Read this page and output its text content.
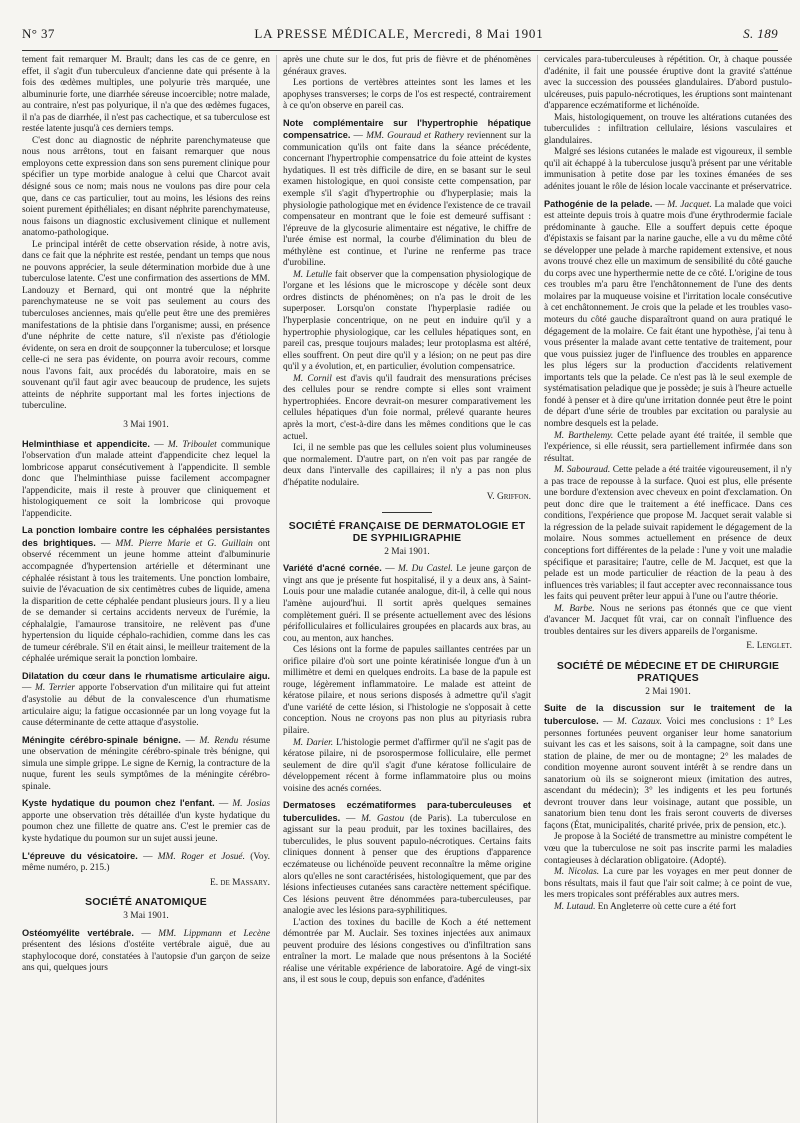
N° 37	LA PRESSE MÉDICALE, Mercredi, 8 Mai 1901	S. 189

tement fait remarquer M. Brault; dans les cas de ce genre, en effet, il s'agit d'un tuberculeux d'ancienne date qui présente à la fois des œdèmes multiples, une polyurie très marquée, une albuminurie forte, une diarrhée séreuse incoercible; notre malade, au contraire, n'est pas polyurique, il n'a que des œdèmes fugaces, il n'a pas de diarrhée, il n'est pas cachectique, et sa tuberculose est restée latente jusqu'à ces derniers temps.

C'est donc au diagnostic de néphrite parenchymateuse que nous nous arrêtons, tout en faisant remarquer que nous employons cette expression dans son sens purement clinique pour spécifier un type morbide analogue à celui que Charcot avait désigné sous ce nom; mais nous ne voulons pas dire pour cela que, dans ce cas particulier, tout au moins, les lésions des reins soient purement épithéliales; en disant néphrite parenchymateuse, nous faisons un diagnostic exclusivement clinique et nullement anatomo-pathologique.

Le principal intérêt de cette observation réside, à notre avis, dans ce fait que la néphrite est restée, pendant un temps que nous ne pouvons apprécier, la seule détermination morbide due à une tuberculose latente. C'est une confirmation des assertions de MM. Landouzy et Bernard, qui ont montré que la néphrite parenchymateuse ne se voit pas seulement au cours des tuberculoses anciennes, mais qu'elle peut être une des premières manifestations de la phtisie dans l'organisme; aussi, en présence d'une néphrite de cette nature, s'il n'existe pas d'étiologie évidente, on sera en droit de soupçonner la tuberculose; et lorsque celle-ci ne sera pas évidente, on pourra avoir recours, comme nous l'avons fait, aux procédés du laboratoire, mais en se souvenant qu'il faut agir avec beaucoup de prudence, les sujets atteints de néphrite supportant mal les fortes injections de tuberculine.

3 Mai 1901.

Helminthiase et appendicite. — M. Triboulet communique l'observation d'un malade atteint d'appendicite chez lequel la lombricose apparut consécutivement à l'appendicite. Il semble donc que l'helminthiase puisse facilement accompagner l'appendicite, mais il reste à prouver que cliniquement et histologiquement ce soit la lombricose qui provoque l'appendicite.

La ponction lombaire contre les céphalées persistantes des brightiques. — MM. Pierre Marie et G. Guillain ont observé récemment un jeune homme atteint d'albuminurie accompagnée d'hypertension artérielle et déterminant une céphalée résistant à tous les traitements. Une ponction lombaire, suivie de l'évacuation de six centimètres cubes de liquide, amena la disparition de cette céphalée pendant plusieurs jours. Il y a lieu de se demander si certains accidents nerveux de l'urémie, la céphalalgie, l'amaurose transitoire, ne relèvent pas d'une hypertension du liquide céphalo-rachidien, comme dans les cas de tumeur cérébrale. S'il en était ainsi, le meilleur traitement de la céphalée urémique serait la ponction lombaire.

Dilatation du cœur dans le rhumatisme articulaire aigu. — M. Terrier apporte l'observation d'un militaire qui fut atteint d'asystolie au début de la convalescence d'un rhumatisme articulaire aigu; la fatigue occasionnée par un long voyage fut la cause déterminante de cette attaque d'asystolie.

Méningite cérébro-spinale bénigne. — M. Rendu résume une observation de méningite cérébro-spinale très bénigne, qui simula une simple grippe. Le signe de Kernig, la contracture de la nuque, furent les seuls symptômes de la méningite cérébro-spinale.

Kyste hydatique du poumon chez l'enfant. — M. Josias apporte une observation très détaillée d'un kyste hydatique du poumon chez une fillette de quatre ans. C'est le premier cas de kyste hydatique du poumon sur un sujet aussi jeune.

L'épreuve du vésicatoire. — MM. Roger et Josué. (Voy. même numéro, p. 215.)

E. de Massary.
SOCIÉTÉ ANATOMIQUE
3 Mai 1901.

Ostéomyélite vertébrale. — MM. Lippmann et Lecène présentent des lésions d'ostéite vertébrale aiguë, due au staphylocoque doré, constatées à l'autopsie d'un garçon de seize ans qui, quelques jours

après une chute sur le dos, fut pris de fièvre et de phénomènes généraux graves.

Les portions de vertèbres atteintes sont les lames et les apophyses transverses; le corps de l'os est respecté, contrairement à ce qu'on observe en pareil cas.

Note complémentaire sur l'hypertrophie hépatique compensatrice. — MM. Gouraud et Rathery reviennent sur la communication qu'ils ont faite dans la séance précédente, concernant l'hypertrophie compensatrice du foie atteint de kystes hydatiques. Il est très difficile de dire, en se basant sur le seul examen histologique, en quoi consiste cette compensation, par exemple s'il s'agit d'hypertrophie ou d'hyperplasie; mais la physiologie pathologique met en évidence l'existence de ce travail compensateur en montrant que le foie est demeuré suffisant : l'épreuve de la glycosurie alimentaire est négative, le chiffre de l'urée émise est normal, la courbe d'élimination du bleu de méthylène est continue, et l'urine ne renferme pas trace d'urobiline.

M. Letulle fait observer que la compensation physiologique de l'organe et les lésions que le microscope y décèle sont deux ordres distincts de phénomènes; on n'a pas le droit de les superposer. Lorsqu'on constate l'hyperplasie radiée ou l'hyperplasie concentrique, on ne peut en induire qu'il y a hypertrophie physiologique, car les cellules hépatiques sont, en pareil cas, presque toujours malades; leur protoplasma est altéré, elles souffrent. On peut dire qu'il y a lésion; on ne peut pas dire qu'il y a évolution, et, en particulier, évolution compensatrice.

M. Cornil est d'avis qu'il faudrait des mensurations précises des cellules pour se rendre compte si elles sont vraiment hypertrophiées. Encore devrait-on mesurer comparativement les cellules hépatiques d'un foie normal, prélevé quarante heures après la mort, c'est-à-dire dans les mêmes conditions que le cas actuel.

Ici, il ne semble pas que les cellules soient plus volumineuses que normalement. D'autre part, on n'en voit pas par rangée de deux dans l'intervalle des capillaires; il n'y a pas non plus d'hépatite nodulaire.

V. Griffon.
SOCIÉTÉ FRANÇAISE DE DERMATOLOGIE ET DE SYPHILIGRAPHIE
2 Mai 1901.

Variété d'acné cornée. — M. Du Castel. Le jeune garçon de vingt ans que je présente fut hospitalisé, il y a deux ans, à Saint-Louis pour une maladie cutanée analogue, dit-il, à celle qui nous l'amène aujourd'hui. Il sortit après quelques semaines complètement guéri. Il se présente actuellement avec des lésions périfolliculaires et folliculaires groupées en placards aux bras, au cou, au menton, aux hanches.

Ces lésions ont la forme de papules saillantes centrées par un orifice pilaire d'où sort une pointe kératinisée longue d'un à un millimètre et demi en quelques endroits. La base de la papule est rouge, légèrement inflammatoire. Le malade est atteint de kératose pilaire, et nous serions disposés à admettre qu'il s'agit d'une variété de cette lésion, si l'histologie ne s'opposait à cette conception. Nous ne croyons pas non plus au pityriasis rubra pilaire.

M. Darier. L'histologie permet d'affirmer qu'il ne s'agit pas de kératose pilaire, ni de psorospermose folliculaire, elle permet seulement de dire qu'il s'agit d'une kératose folliculaire de développement récent à forme inflammatoire plus ou moins voisine des acnés cornées.

Dermatoses eczématiformes para-tuberculeuses et tuberculides. — M. Gastou (de Paris). La tuberculose en agissant sur la peau produit, par les toxines bacillaires, des tuberculides, le plus souvent papulo-nécrotiques. Certains faits cliniques donnent à penser que des éruptions d'apparence eczémateuse ou lichénoïde peuvent reconnaître la même origine alors qu'elles ne sont caractérisées, histologiquement, que par des lésions infectieuses cutanées sans caractère nettement spécifique. Ces lésions peuvent être dénommées para-tuberculeuses, par analogie avec les lésions para-syphilitiques.

L'action des toxines du bacille de Koch a été nettement démontrée par M. Auclair. Ses toxines injectées aux animaux peuvent produire des lésions congestives ou d'infiltration sans entraîner la mort. Le malade que nous présentons à la Société réalise une véritable expérience de laboratoire. Agé de vingt-six ans, il est sous le coup, depuis son enfance, d'adénites

cervicales para-tuberculeuses à répétition. Or, à chaque poussée d'adénite, il fait une poussée éruptive dont la gravité s'atténue avec la succession des poussées glandulaires. D'abord pustulo-ulcéreuses, puis papulo-nécrotiques, les éruptions sont maintenant d'apparence eczématiforme et lichénoïde.

Mais, histologiquement, on trouve les altérations cutanées des tuberculides : infiltration cellulaire, lésions vasculaires et glandulaires.

Malgré ses lésions cutanées le malade est vigoureux, il semble qu'il ait échappé à la tuberculose jusqu'à présent par une véritable immunisation à petite dose par les toxines émanées de ses adénites jouant le rôle de lésion locale vaccinante et préservatrice.

Pathogénie de la pelade. — M. Jacquet. La malade que voici est atteinte depuis trois à quatre mois d'une érythrodermie faciale prédominante à gauche. Elle a souffert depuis cette époque d'épistaxis se faisant par la narine gauche, elle a vu du même côté se développer une pelade à marche rapidement extensive, et nous avons trouvé chez elle un maximum de sensibilité du côté gauche du corps avec une hyperthermie nette de ce côté. L'origine de tous ces troubles m'a paru être l'enchâtonnement de l'une des dents molaires par la muqueuse voisine et l'irritation locale consécutive à cet enchâtonnement. Je crois que la pelade et les troubles vaso-moteurs du côté gauche disparaîtront quand on aura pratiqué le dégagement de la molaire. Ce fait étant une hypothèse, j'ai tenu à vous présenter la malade avant cette tentative de traitement, pour que vous puissiez juger de l'influence des troubles en apparence les plus légers sur la production d'accidents relativement importants tels que la pelade. Ce n'est pas là le seul exemple de systématisation peladique que je possède; je suis à l'heure actuelle fondé à penser et à dire qu'une irritation donnée peut être le point de départ d'une série de troubles par excitation ou paralysie au nombre desquels est la pelade.

M. Barthelemy. Cette pelade ayant été traitée, il semble que l'expérience, si elle réussit, sera partiellement infirmée dans son résultat.

M. Sabouraud. Cette pelade a été traitée vigoureusement, il n'y a pas trace de repousse à la surface. Quoi est plus, elle présente une bordure d'extension avec cheveux en point d'exclamation. On peut donc dire que le traitement a été inefficace. Dans ces conditions, l'expérience que propose M. Jacquet serait valable si la régression de la pelade suivait rapidement le dégagement de la molaire. Nous sommes actuellement en présence de deux conceptions fort différentes de la pelade : l'une y voit une maladie spécifique et parasitaire; l'autre, celle de M. Jacquet, est que la pelade est un mode particulier de réaction de la peau à des influences très variables; il faut accepter avec reconnaissance tous les faits qui peuvent prêter leur appui à l'une ou l'autre théorie.

M. Barbe. Nous ne serions pas étonnés que ce que vient d'avancer M. Jacquet fût vrai, car on connaît l'influence des troubles dentaires sur les divers appareils de l'organisme.

E. Lenglet.
SOCIÉTÉ DE MÉDECINE ET DE CHIRURGIE PRATIQUES
2 Mai 1901.

Suite de la discussion sur le traitement de la tuberculose. — M. Cazaux. Voici mes conclusions : 1° Les personnes fortunées peuvent organiser leur home sanatorium suivant les cas et les saisons, soit à la campagne, soit dans une station de plaine, de mer ou de montagne; 2° les malades de condition moyenne auront souvent intérêt à se rendre dans un sanatorium où ils se soigneront mieux (imitation des autres, ascendant du médecin); 3° les indigents et les peu fortunés devront trouver dans leur voisinage, autant que possible, un sanatorium bien tenu dont les frais seront couverts de diverses façons (État, municipalités, charité privée, prix de pension, etc.).

Je propose à la Société de transmettre au ministre compétent le vœu que la tuberculose ne soit pas inscrite parmi les maladies contagieuses à déclaration obligatoire. (Adopté).

M. Nicolas. La cure par les voyages en mer peut donner de bons résultats, mais il faut que l'air soit calme; à ce point de vue, les mers tropicales sont préférables aux autres mers.

M. Lutaud. En Angleterre où cette cure a été fort
